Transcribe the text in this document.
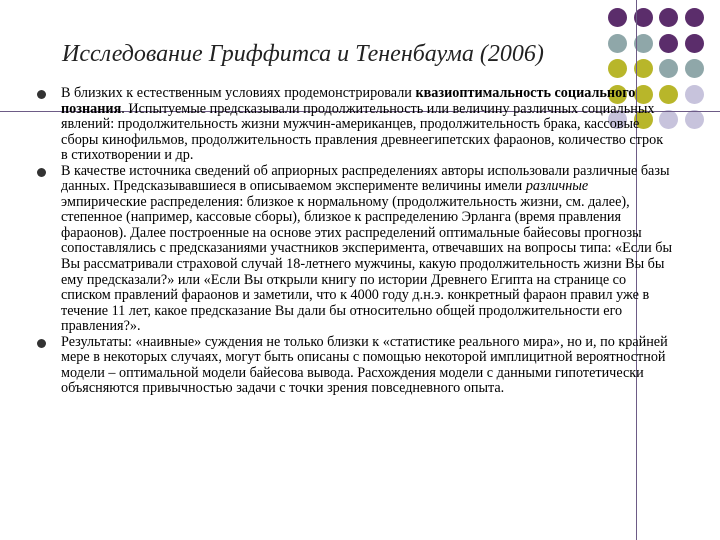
Исследование Гриффитса и Тененбаума (2006)
В близких к естественным условиях продемонстрировали квазиоптимальность социального познания. Испытуемые предсказывали продолжительность или величину различных социальных явлений: продолжительность жизни мужчин-американцев, продолжительность брака, кассовые сборы кинофильмов, продолжительность правления древнеегипетских фараонов, количество строк в стихотворении и др.
В качестве источника сведений об априорных распределениях авторы использовали различные базы данных. Предсказывавшиеся в описываемом эксперименте величины имели различные эмпирические распределения: близкое к нормальному (продолжительность жизни, см. далее), степенное (например, кассовые сборы), близкое к распределению Эрланга (время правления фараонов). Далее построенные на основе этих распределений оптимальные байесовы прогнозы сопоставлялись с предсказаниями участников эксперимента, отвечавших на вопросы типа: «Если бы Вы рассматривали страховой случай 18-летнего мужчины, какую продолжительность жизни Вы бы ему предсказали?» или «Если Вы открыли книгу по истории Древнего Египта на странице со списком правлений фараонов и заметили, что к 4000 году д.н.э. конкретный фараон правил уже в течение 11 лет, какое предсказание Вы дали бы относительно общей продолжительности его правления?».
Результаты: «наивные» суждения не только близки к «статистике реального мира», но и, по крайней мере в некоторых случаях, могут быть описаны с помощью некоторой имплицитной вероятностной модели – оптимальной модели байесова вывода. Расхождения модели с данными гипотетически объясняются привычностью задачи с точки зрения повседневного опыта.
